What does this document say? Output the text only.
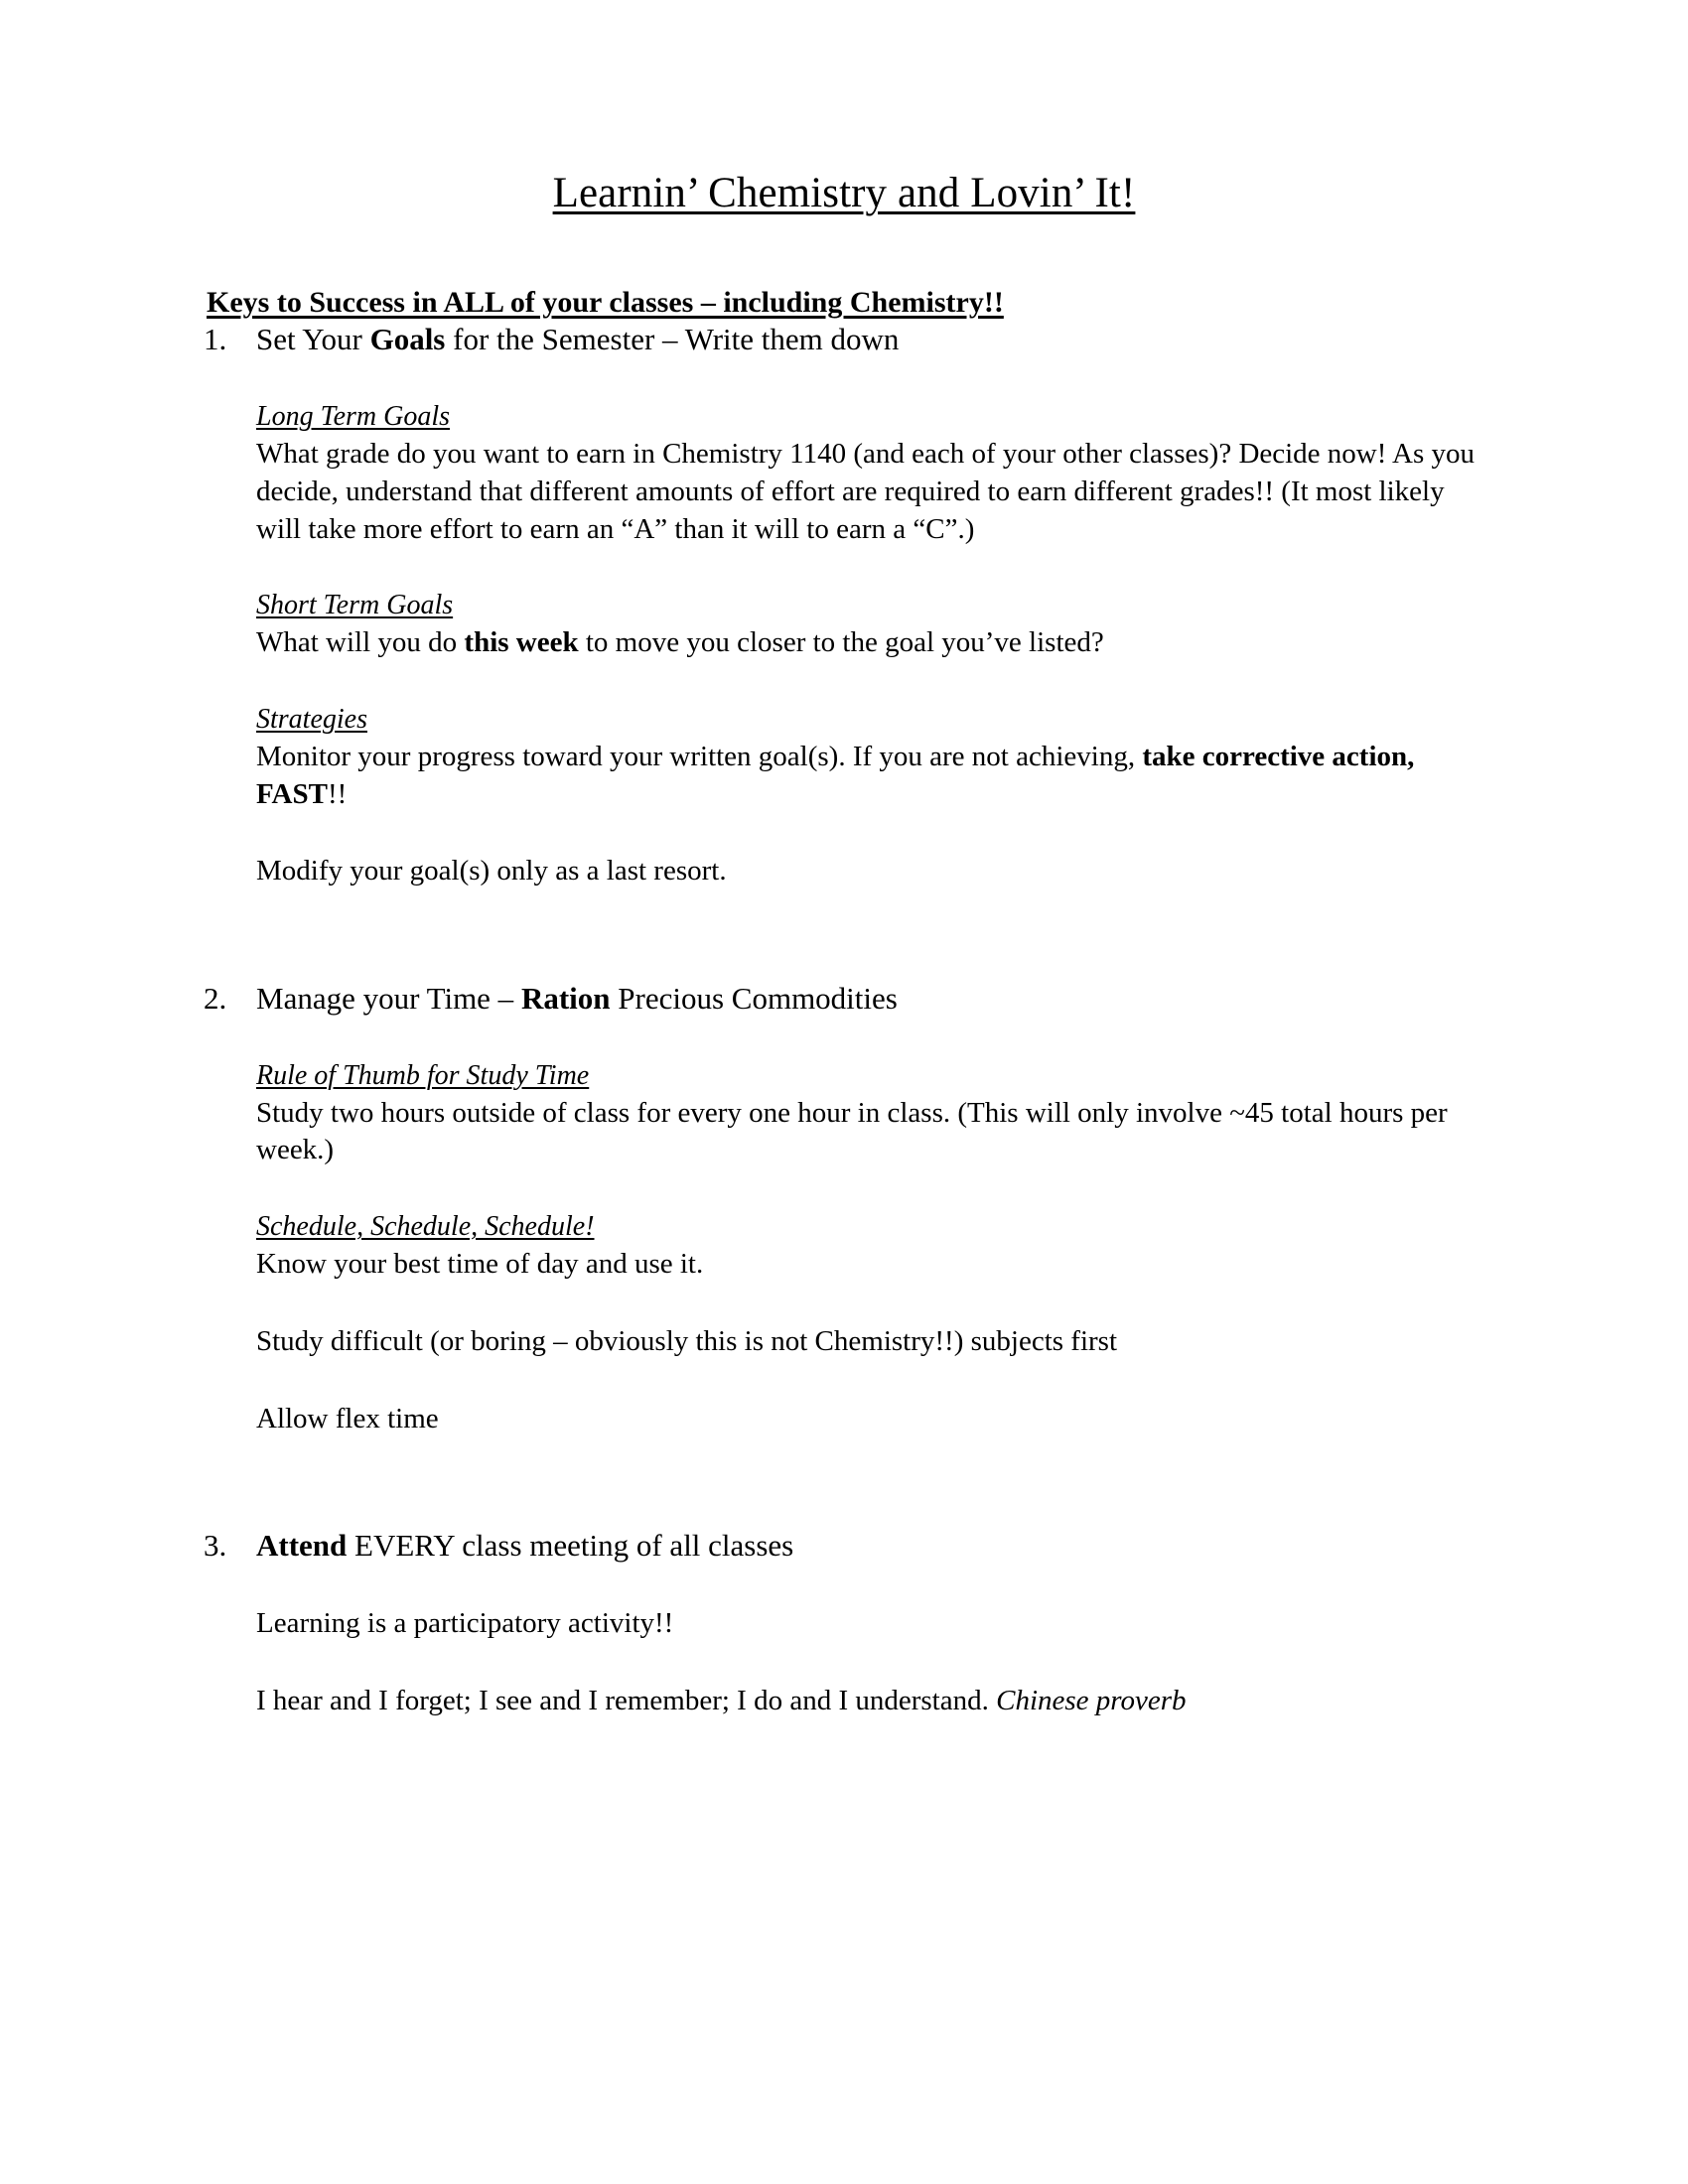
Learnin’ Chemistry and Lovin’ It!
Keys to Success in ALL of your classes – including Chemistry!!
1. Set Your Goals for the Semester – Write them down
Long Term Goals
What grade do you want to earn in Chemistry 1140 (and each of your other classes)? Decide now! As you decide, understand that different amounts of effort are required to earn different grades!! (It most likely will take more effort to earn an “A” than it will to earn a “C”.)
Short Term Goals
What will you do this week to move you closer to the goal you’ve listed?
Strategies
Monitor your progress toward your written goal(s). If you are not achieving, take corrective action, FAST!!
Modify your goal(s) only as a last resort.
2. Manage your Time – Ration Precious Commodities
Rule of Thumb for Study Time
Study two hours outside of class for every one hour in class. (This will only involve ~45 total hours per week.)
Schedule, Schedule, Schedule!
Know your best time of day and use it.
Study difficult (or boring – obviously this is not Chemistry!!) subjects first
Allow flex time
3. Attend EVERY class meeting of all classes
Learning is a participatory activity!!
I hear and I forget; I see and I remember; I do and I understand. Chinese proverb
